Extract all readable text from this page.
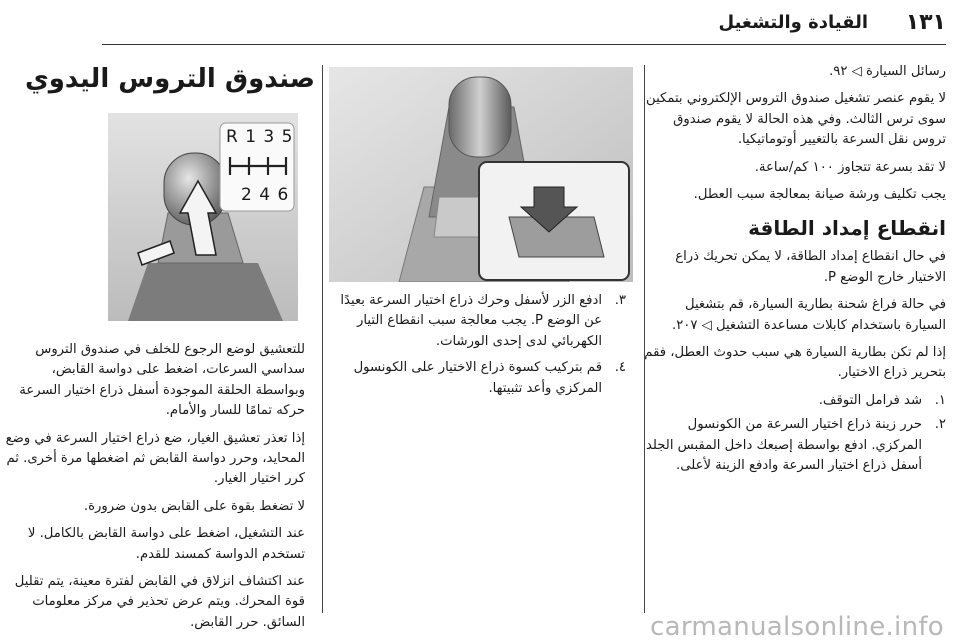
١٣١
القيادة والتشغيل

رسائل السيارة ◁ ٩٢.

لا يقوم عنصر تشغيل صندوق التروس الإلكتروني بتمكين سوى ترس الثالث. وفي هذه الحالة لا يقوم صندوق تروس نقل السرعة بالتغيير أوتوماتيكيا.

لا تقد بسرعة تتجاوز ١٠٠ كم/ساعة.

يجب تكليف ورشة صيانة بمعالجة سبب العطل.

انقطاع إمداد الطاقة

في حال انقطاع إمداد الطاقة، لا يمكن تحريك ذراع الاختيار خارج الوضع P.

في حالة فراغ شحنة بطارية السيارة، قم بتشغيل السيارة باستخدام كابلات مساعدة التشغيل ◁ ٢٠٧.

إذا لم تكن بطارية السيارة هي سبب حدوث العطل، فقم بتحرير ذراع الاختيار.

١.
شد فرامل التوقف.
٢.
حرر زينة ذراع اختيار السرعة من الكونسول المركزي. ادفع بواسطة إصبعك داخل المقبس الجلد أسفل ذراع اختيار السرعة وادفع الزينة لأعلى.
٣.
ادفع الزر لأسفل وحرك ذراع اختيار السرعة بعيدًا عن الوضع P. يجب معالجة سبب انقطاع التيار الكهربائي لدى إحدى الورشات.
٤.
قم بتركيب كسوة ذراع الاختيار على الكونسول المركزي وأعد تثبيتها.
صندوق التروس اليدوي
R 1 3 5
2 4 6

للتعشيق لوضع الرجوع للخلف في صندوق التروس سداسي السرعات، اضغط على دواسة القابض، وبواسطة الحلقة الموجودة أسفل ذراع اختيار السرعة حركه تمامًا للسار والأمام.

إذا تعذر تعشيق الغيار، ضع ذراع اختيار السرعة في وضع المحايد، وحرر دواسة القابض ثم اضغطها مرة أخرى. ثم كرر اختيار الغيار.

لا تضغط بقوة على القابض بدون ضرورة.

عند التشغيل، اضغط على دواسة القابض بالكامل. لا تستخدم الدواسة كمسند للقدم.

عند اكتشاف انزلاق في القابض لفترة معينة، يتم تقليل قوة المحرك. ويتم عرض تحذير في مركز معلومات السائق. حرر القابض.	carmanualsonline.info
